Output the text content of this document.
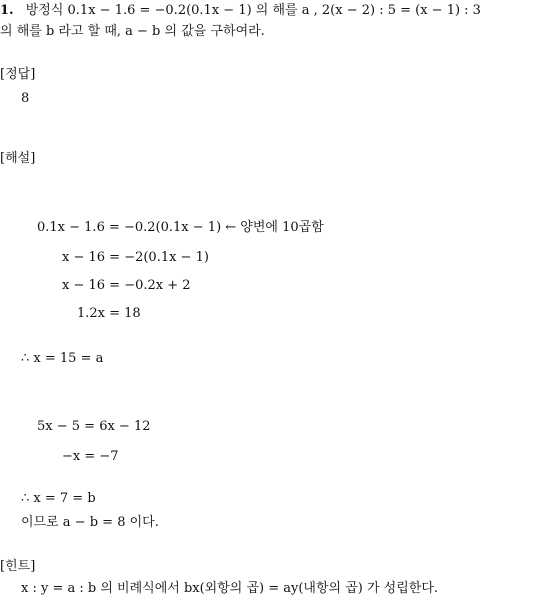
1. 방정식 0.1x − 1.6 = −0.2(0.1x − 1) 의 해를 a , 2(x − 2) : 5 = (x − 1) : 3
의 해를 b 라고 할 때, a − b 의 값을 구하여라.
[정답]
8
[해설]
0.1x − 1.6 = −0.2(0.1x − 1) ← 양변에 10곱함
x − 16 = −2(0.1x − 1)
x − 16 = −0.2x + 2
1.2x = 18
∴ x = 15 = a
5x − 5 = 6x − 12
−x = −7
∴ x = 7 = b
이므로 a − b = 8 이다.
[힌트]
x : y = a : b 의 비례식에서 bx(외항의 곱) = ay(내항의 곱) 가 성립한다.
